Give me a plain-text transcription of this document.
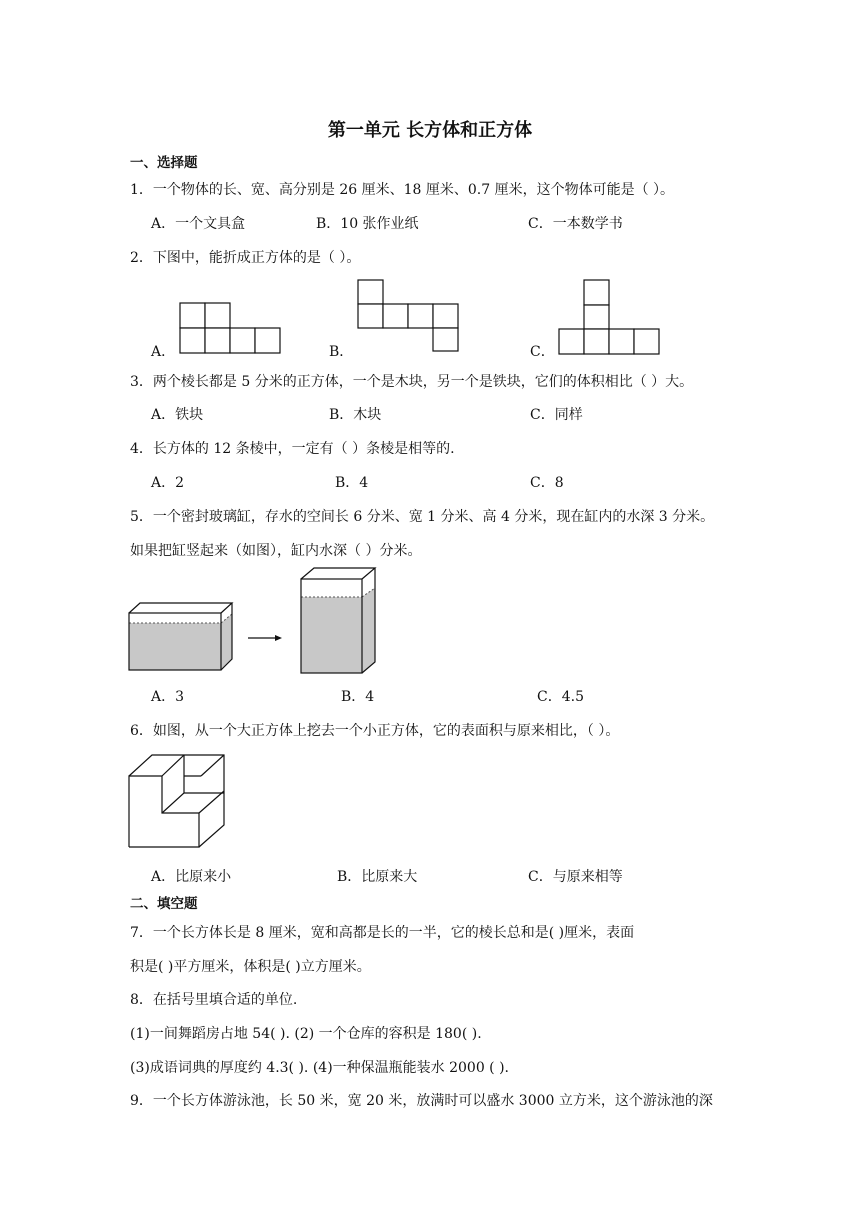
第一单元 长方体和正方体
一、选择题
1．一个物体的长、宽、高分别是 26 厘米、18 厘米、0.7 厘米，这个物体可能是（ ）。
A．一个文具盒	B．10 张作业纸	C．一本数学书
2．下图中，能折成正方体的是（ ）。
A．	B．	C．
3．两个棱长都是 5 分米的正方体，一个是木块，另一个是铁块，它们的体积相比（ ）大。
A．铁块	B．木块	C．同样
4．长方体的 12 条棱中，一定有（ ）条棱是相等的.
A．2	B．4	C．8
5．一个密封玻璃缸，存水的空间长 6 分米、宽 1 分米、高 4 分米，现在缸内的水深 3 分米。
如果把缸竖起来（如图），缸内水深（ ）分米。
A．3	B．4	C．4.5
6．如图，从一个大正方体上挖去一个小正方体，它的表面积与原来相比，（ ）。
A．比原来小	B．比原来大	C．与原来相等
二、填空题
7．一个长方体长是 8 厘米，宽和高都是长的一半，它的棱长总和是( )厘米，表面
积是( )平方厘米，体积是( )立方厘米。
8．在括号里填合适的单位.
(1)一间舞蹈房占地 54( ). (2) 一个仓库的容积是 180( ).
(3)成语词典的厚度约 4.3( ). (4)一种保温瓶能装水 2000 ( ).
9．一个长方体游泳池，长 50 米，宽 20 米，放满时可以盛水 3000 立方米，这个游泳池的深
